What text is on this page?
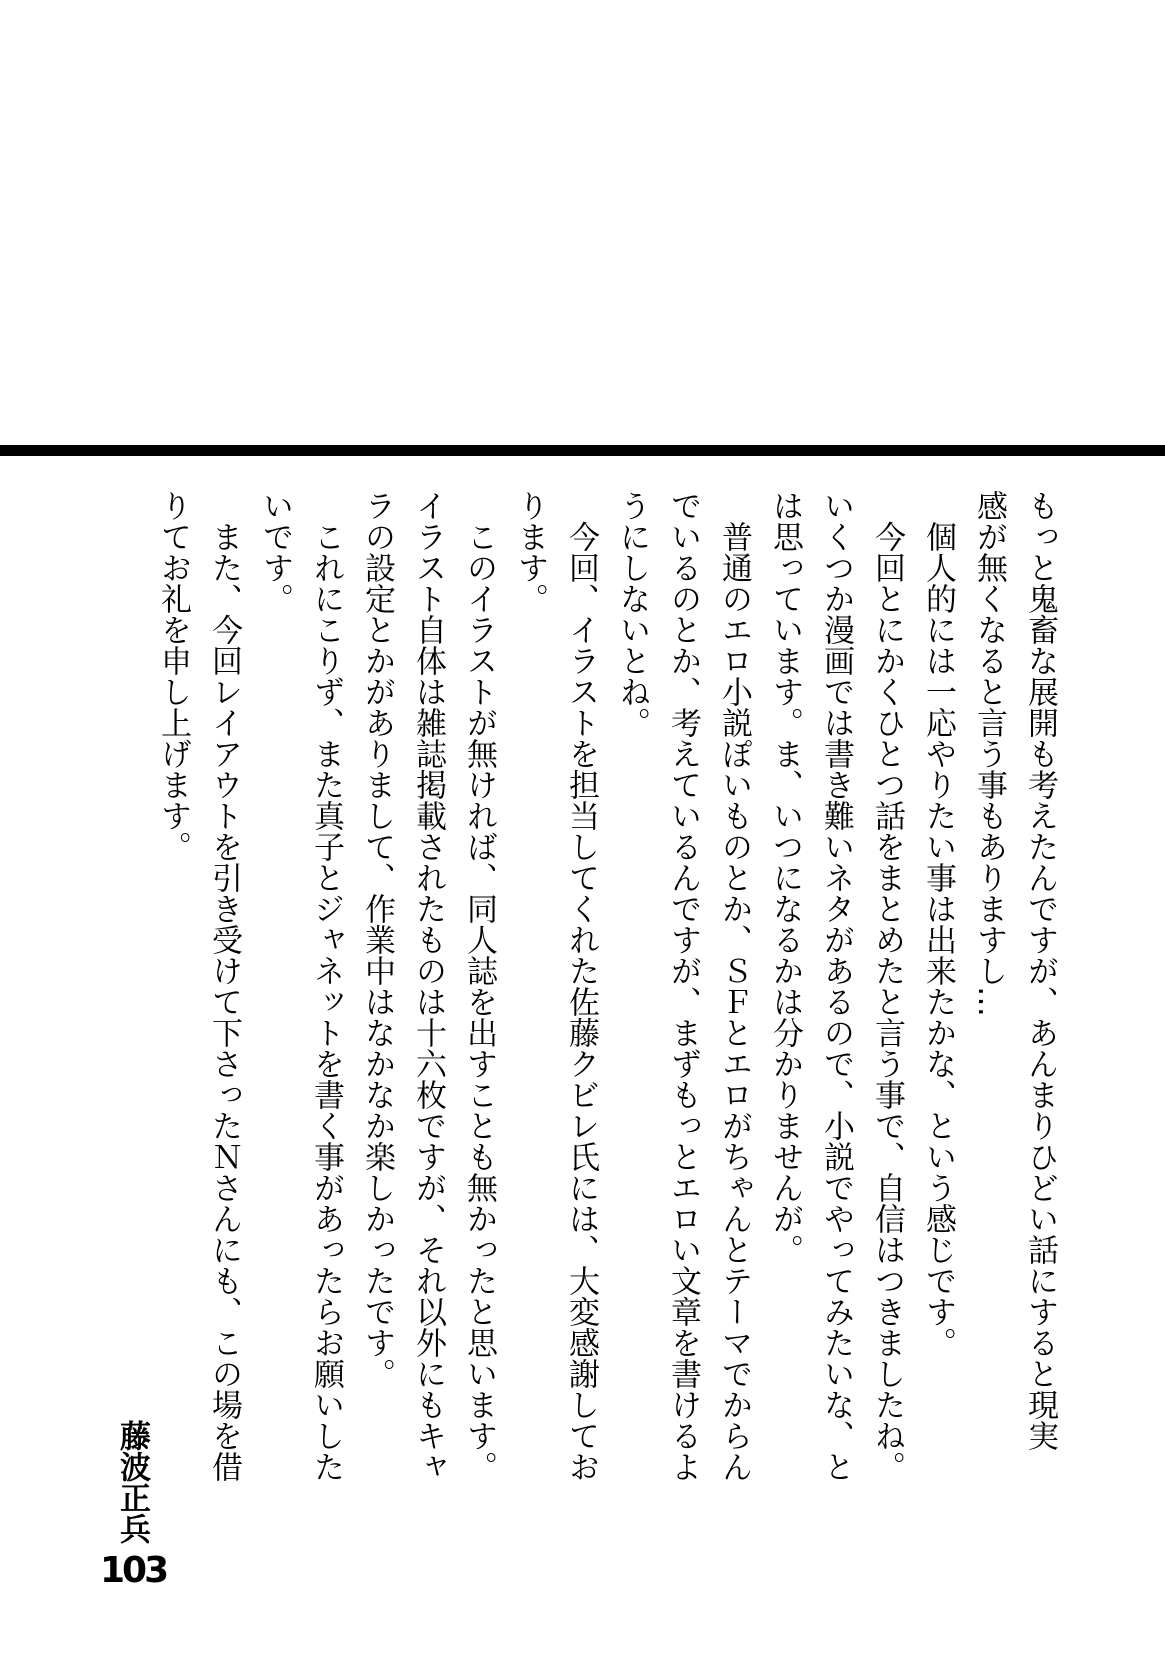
もっと鬼畜な展開も考えたんですが、あんまりひどい話にすると現実

感が無くなると言う事もありますし…

　個人的には一応やりたい事は出来たかな、という感じです。

　今回とにかくひとつ話をまとめたと言う事で、自信はつきましたね。

いくつか漫画では書き難いネタがあるので、小説でやってみたいな、と

は思っています。ま、いつになるかは分かりませんが。

　普通のエロ小説ぽいものとか、ＳＦとエロがちゃんとテーマでからん

でいるのとか、考えているんですが、まずもっとエロい文章を書けるよ

うにしないとね。

　今回、イラストを担当してくれた佐藤クビレ氏には、大変感謝してお

ります。

　このイラストが無ければ、同人誌を出すことも無かったと思います。

イラスト自体は雑誌掲載されたものは十六枚ですが、それ以外にもキャ

ラの設定とかがありまして、作業中はなかなか楽しかったです。

　これにこりず、また真子とジャネットを書く事があったらお願いした

いです。

　また、今回レイアウトを引き受けて下さったＮさんにも、この場を借

りてお礼を申し上げます。

藤波正兵
103
